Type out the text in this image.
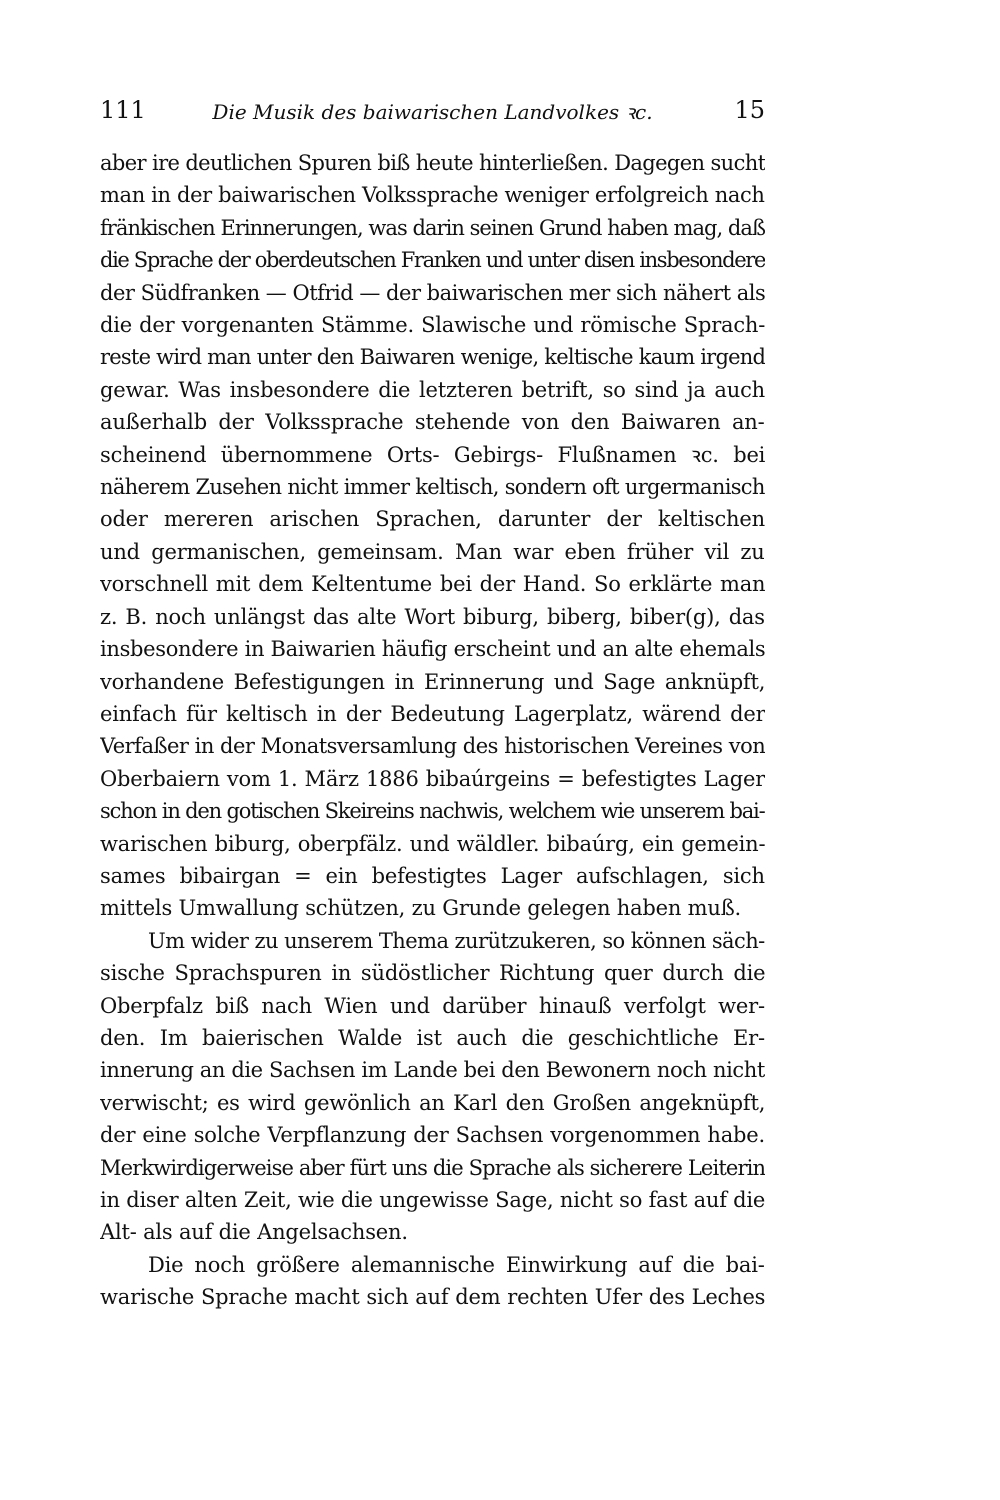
111	Die Musik des baiwarischen Landvolkes ꝛc.	15
aber ire deutlichen Spuren biß heute hinterließen. Dagegen sucht
man in der baiwarischen Volkssprache weniger erfolgreich nach
fränkischen Erinnerungen, was darin seinen Grund haben mag, daß
die Sprache der oberdeutschen Franken und unter disen insbesondere
der Südfranken — Otfrid — der baiwarischen mer sich nähert als
die der vorgenanten Stämme. Slawische und römische Sprach-
reste wird man unter den Baiwaren wenige, keltische kaum irgend
gewar. Was insbesondere die letzteren betrift, so sind ja auch
außerhalb der Volkssprache stehende von den Baiwaren an-
scheinend übernommene Orts- Gebirgs- Flußnamen ꝛc. bei
näherem Zusehen nicht immer keltisch, sondern oft urgermanisch
oder mereren arischen Sprachen, darunter der keltischen
und germanischen, gemeinsam. Man war eben früher vil zu
vorschnell mit dem Keltentume bei der Hand. So erklärte man
z. B. noch unlängst das alte Wort biburg, biberg, biber(g), das
insbesondere in Baiwarien häufig erscheint und an alte ehemals
vorhandene Befestigungen in Erinnerung und Sage anknüpft,
einfach für keltisch in der Bedeutung Lagerplatz, wärend der
Verfaßer in der Monatsversamlung des historischen Vereines von
Oberbaiern vom 1. März 1886 bibaúrgeins = befestigtes Lager
schon in den gotischen Skeireins nachwis, welchem wie unserem bai-
warischen biburg, oberpfälz. und wäldler. bibaúrg, ein gemein-
sames bibairgan = ein befestigtes Lager aufschlagen, sich
mittels Umwallung schützen, zu Grunde gelegen haben muß.
Um wider zu unserem Thema zurützukeren, so können säch-
sische Sprachspuren in südöstlicher Richtung quer durch die
Oberpfalz biß nach Wien und darüber hinauß verfolgt wer-
den. Im baierischen Walde ist auch die geschichtliche Er-
innerung an die Sachsen im Lande bei den Bewonern noch nicht
verwischt; es wird gewönlich an Karl den Großen angeknüpft,
der eine solche Verpflanzung der Sachsen vorgenommen habe.
Merkwirdigerweise aber fürt uns die Sprache als sicherere Leiterin
in diser alten Zeit, wie die ungewisse Sage, nicht so fast auf die
Alt- als auf die Angelsachsen.
Die noch größere alemannische Einwirkung auf die bai-
warische Sprache macht sich auf dem rechten Ufer des Leches
